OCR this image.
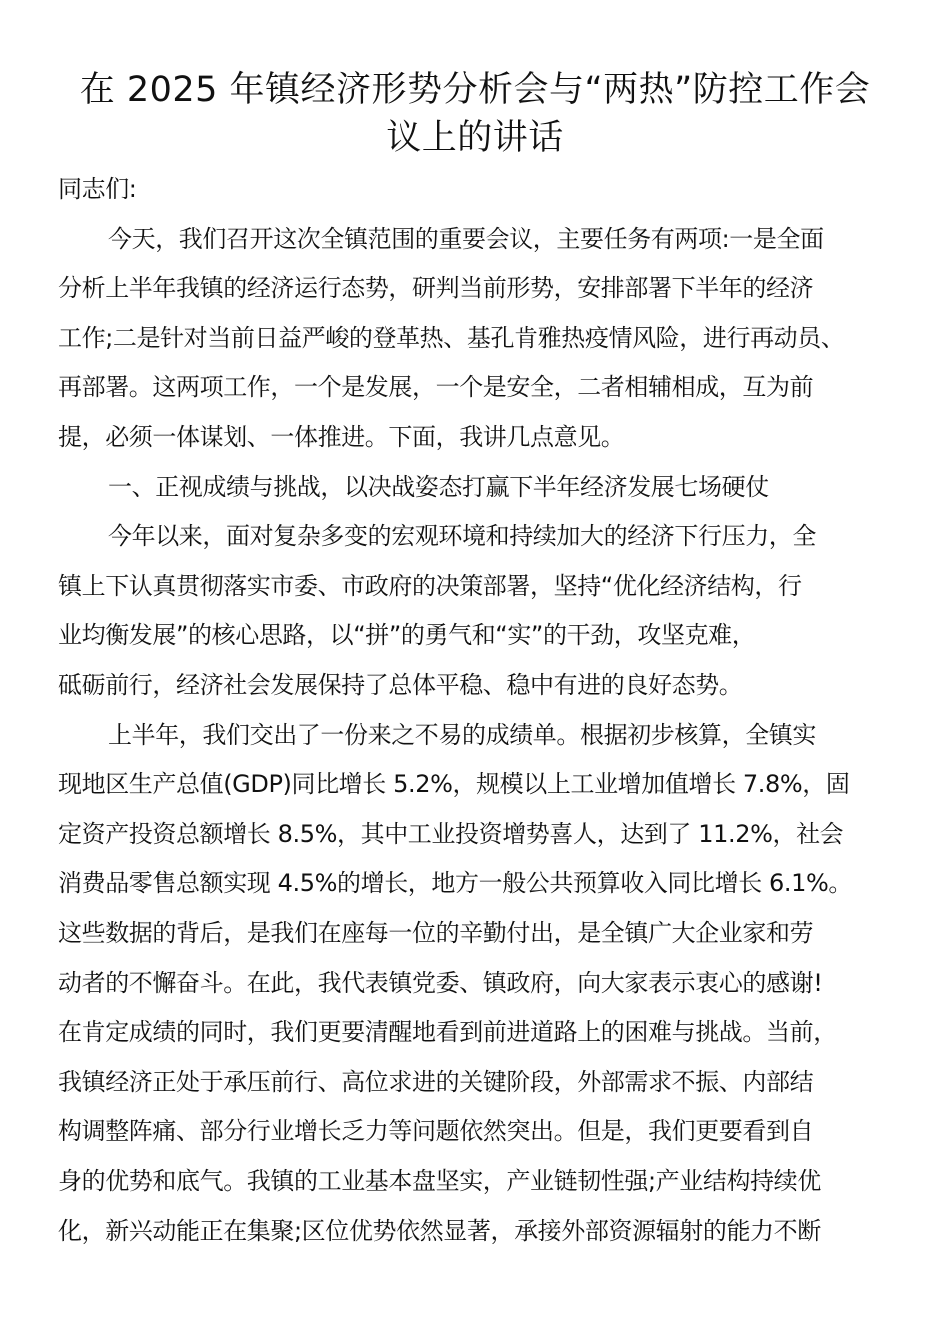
在 2025 年镇经济形势分析会与“两热”防控工作会
议上的讲话

同志们:

今天，我们召开这次全镇范围的重要会议，主要任务有两项:一是全面

分析上半年我镇的经济运行态势，研判当前形势，安排部署下半年的经济

工作;二是针对当前日益严峻的登革热、基孔肯雅热疫情风险，进行再动员、

再部署。这两项工作，一个是发展，一个是安全，二者相辅相成，互为前

提，必须一体谋划、一体推进。下面，我讲几点意见。

一、正视成绩与挑战，以决战姿态打赢下半年经济发展七场硬仗

今年以来，面对复杂多变的宏观环境和持续加大的经济下行压力，全

镇上下认真贯彻落实市委、市政府的决策部署，坚持“优化经济结构，行

业均衡发展”的核心思路，以“拼”的勇气和“实”的干劲，攻坚克难，

砥砺前行，经济社会发展保持了总体平稳、稳中有进的良好态势。

上半年，我们交出了一份来之不易的成绩单。根据初步核算，全镇实

现地区生产总值(GDP)同比增长 5.2%，规模以上工业增加值增长 7.8%，固

定资产投资总额增长 8.5%，其中工业投资增势喜人，达到了 11.2%，社会

消费品零售总额实现 4.5%的增长，地方一般公共预算收入同比增长 6.1%。

这些数据的背后，是我们在座每一位的辛勤付出，是全镇广大企业家和劳

动者的不懈奋斗。在此，我代表镇党委、镇政府，向大家表示衷心的感谢!

在肯定成绩的同时，我们更要清醒地看到前进道路上的困难与挑战。当前，

我镇经济正处于承压前行、高位求进的关键阶段，外部需求不振、内部结

构调整阵痛、部分行业增长乏力等问题依然突出。但是，我们更要看到自

身的优势和底气。我镇的工业基本盘坚实，产业链韧性强;产业结构持续优

化，新兴动能正在集聚;区位优势依然显著，承接外部资源辐射的能力不断
